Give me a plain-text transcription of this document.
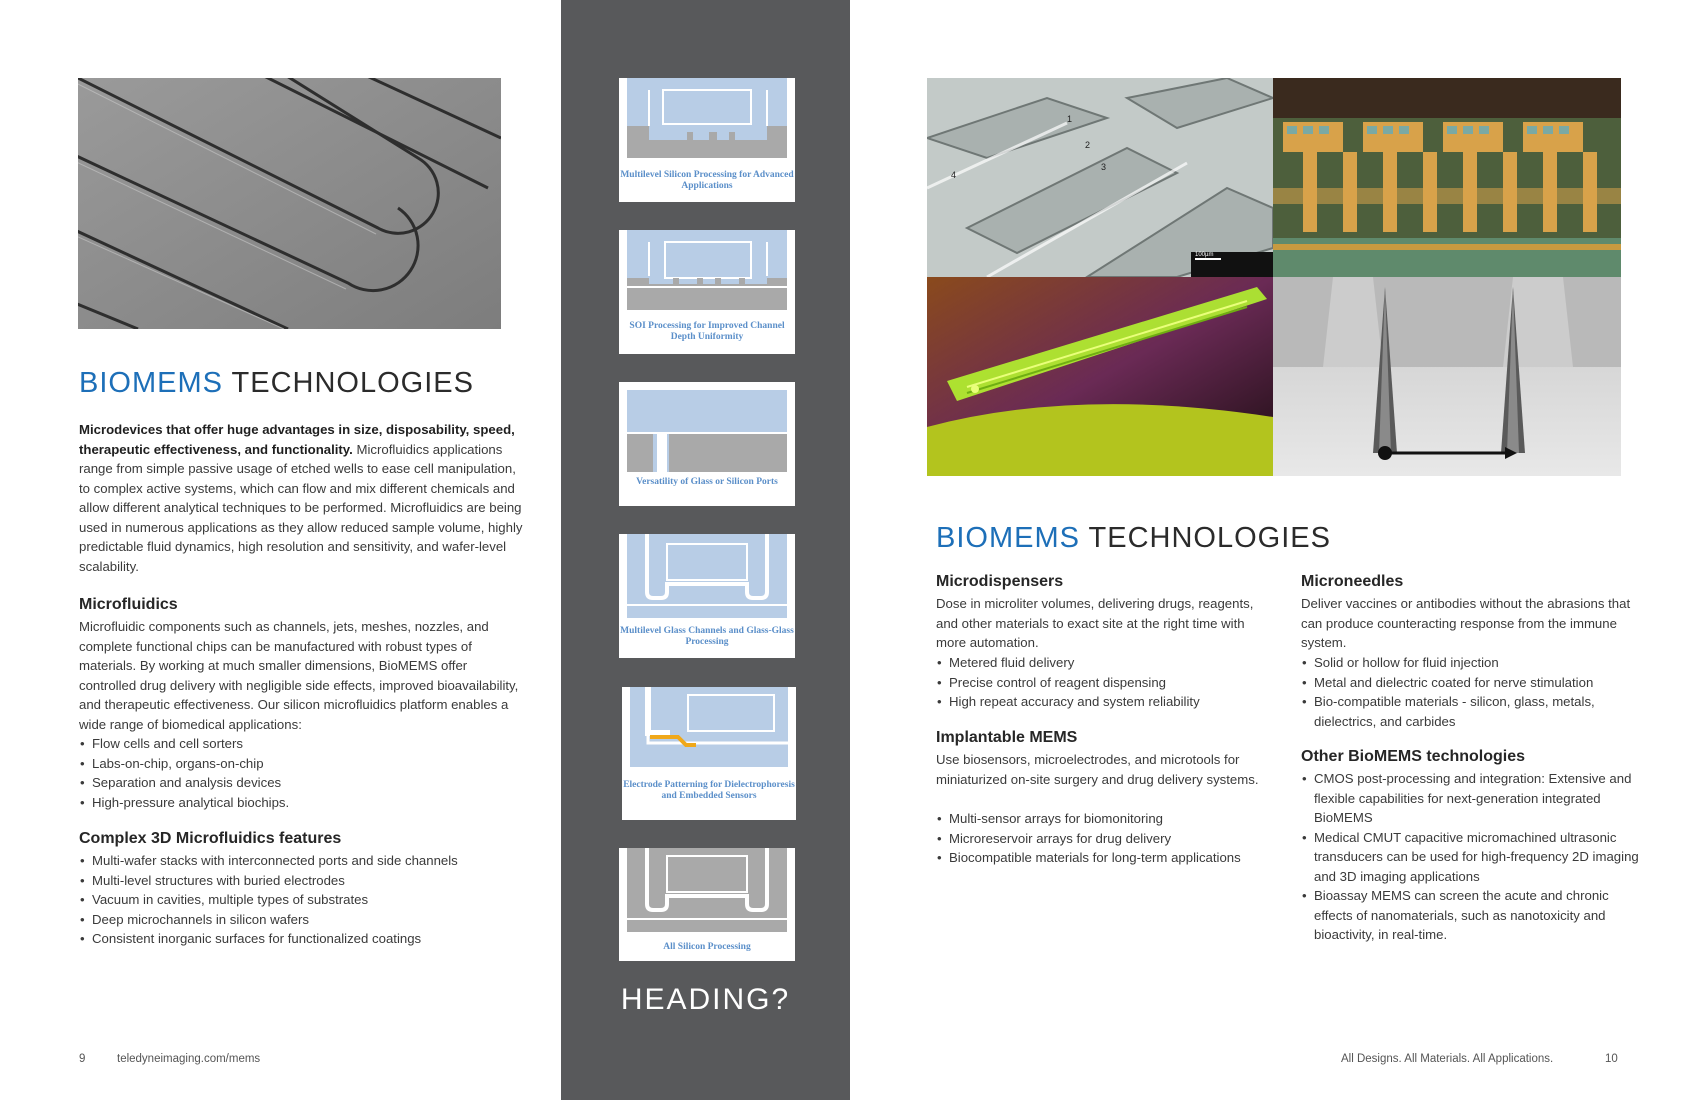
BIOMEMS TECHNOLOGIES
Microdevices that offer huge advantages in size, disposability, speed, therapeutic effectiveness, and functionality. Microfluidics applications range from simple passive usage of etched wells to ease cell manipulation, to complex active systems, which can flow and mix different chemicals and allow different analytical techniques to be performed. Microfluidics are being used in numerous applications as they allow reduced sample volume, highly predictable fluid dynamics, high resolution and sensitivity, and wafer-level scalability.
Microfluidics
Microfluidic components such as channels, jets, meshes, nozzles, and complete functional chips can be manufactured with robust types of materials. By working at much smaller dimensions, BioMEMS offer controlled drug delivery with negligible side effects, improved bioavailability, and therapeutic effectiveness. Our silicon microfluidics platform enables a wide range of biomedical applications:
• Flow cells and cell sorters
• Labs-on-chip, organs-on-chip
• Separation and analysis devices
• High-pressure analytical biochips.
Complex 3D Microfluidics features
• Multi-wafer stacks with interconnected ports and side channels
• Multi-level structures with buried electrodes
• Vacuum in cavities, multiple types of substrates
• Deep microchannels in silicon wafers
• Consistent inorganic surfaces for functionalized coatings
Multilevel Silicon Processing for Advanced Applications
SOI Processing for Improved Channel Depth Uniformity
Versatility of Glass or Silicon Ports
Multilevel Glass Channels and Glass-Glass Processing
Electrode Patterning for Dielectrophoresis and Embedded Sensors
All Silicon Processing
HEADING?
1
2
3
4
100µm
BIOMEMS TECHNOLOGIES
Microdispensers
Dose in microliter volumes, delivering drugs, reagents, and other materials to exact site at the right time with more automation.
• Metered fluid delivery
• Precise control of reagent dispensing
• High repeat accuracy and system reliability
Implantable MEMS
Use biosensors, microelectrodes, and microtools for miniaturized on-site surgery and drug delivery systems.
• Multi-sensor arrays for biomonitoring
• Microreservoir arrays for drug delivery
• Biocompatible materials for long-term applications
Microneedles
Deliver vaccines or antibodies without the abrasions that can produce counteracting response from the immune system.
• Solid or hollow for fluid injection
• Metal and dielectric coated for nerve stimulation
• Bio-compatible materials - silicon, glass, metals, dielectrics, and carbides
Other BioMEMS technologies
• CMOS post-processing and integration: Extensive and flexible capabilities for next-generation integrated BioMEMS
• Medical CMUT capacitive micromachined ultrasonic transducers can be used for high-frequency 2D imaging and 3D imaging applications
• Bioassay MEMS can screen the acute and chronic effects of nanomaterials, such as nanotoxicity and bioactivity, in real-time.
9	teledyneimaging.com/mems	All Designs. All Materials. All Applications.	10
